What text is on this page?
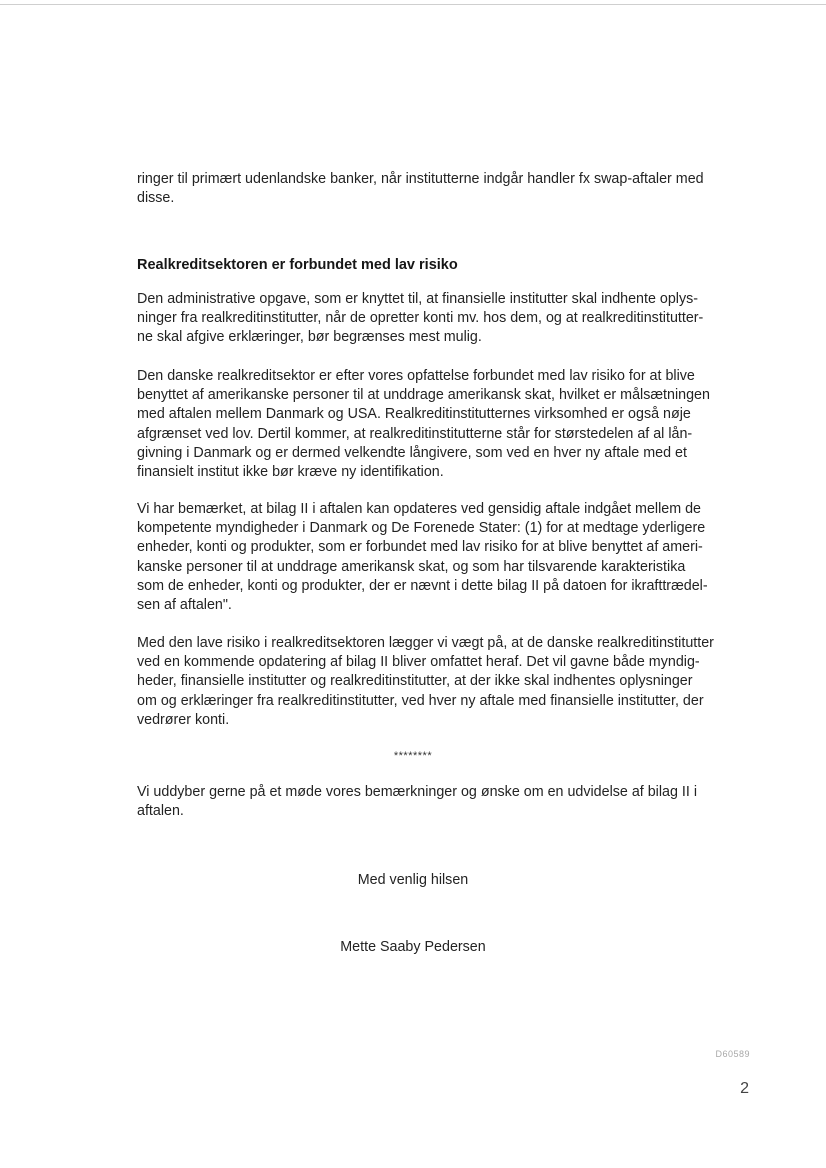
ringer til primært udenlandske banker, når institutterne indgår handler fx swap-aftaler med
disse.
Realkreditsektoren er forbundet med lav risiko
Den administrative opgave, som er knyttet til, at finansielle institutter skal indhente oplys-
ninger fra realkreditinstitutter, når de opretter konti mv. hos dem, og at realkreditinstitutter-
ne skal afgive erklæringer, bør begrænses mest mulig.
Den danske realkreditsektor er efter vores opfattelse forbundet med lav risiko for at blive
benyttet af amerikanske personer til at unddrage amerikansk skat, hvilket er målsætningen
med aftalen mellem Danmark og USA. Realkreditinstitutternes virksomhed er også nøje
afgrænset ved lov. Dertil kommer, at realkreditinstitutterne står for størstedelen af al lån-
givning i Danmark og er dermed velkendte långivere, som ved en hver ny aftale med et
finansielt institut ikke bør kræve ny identifikation.
Vi har bemærket, at bilag II i aftalen kan opdateres ved gensidig aftale indgået mellem de
kompetente myndigheder i Danmark og De Forenede Stater: (1) for at medtage yderligere
enheder, konti og produkter, som er forbundet med lav risiko for at blive benyttet af ameri-
kanske personer til at unddrage amerikansk skat, og som har tilsvarende karakteristika
som de enheder, konti og produkter, der er nævnt i dette bilag II på datoen for ikrafttrædel-
sen af aftalen".
Med den lave risiko i realkreditsektoren lægger vi vægt på, at de danske realkreditinstitutter
ved en kommende opdatering af bilag II bliver omfattet heraf. Det vil gavne både myndig-
heder, finansielle institutter og realkreditinstitutter, at der ikke skal indhentes oplysninger
om og erklæringer fra realkreditinstitutter, ved hver ny aftale med finansielle institutter, der
vedrører konti.
********
Vi uddyber gerne på et møde vores bemærkninger og ønske om en udvidelse af bilag II i
aftalen.
Med venlig hilsen
Mette Saaby Pedersen
D60589
2
